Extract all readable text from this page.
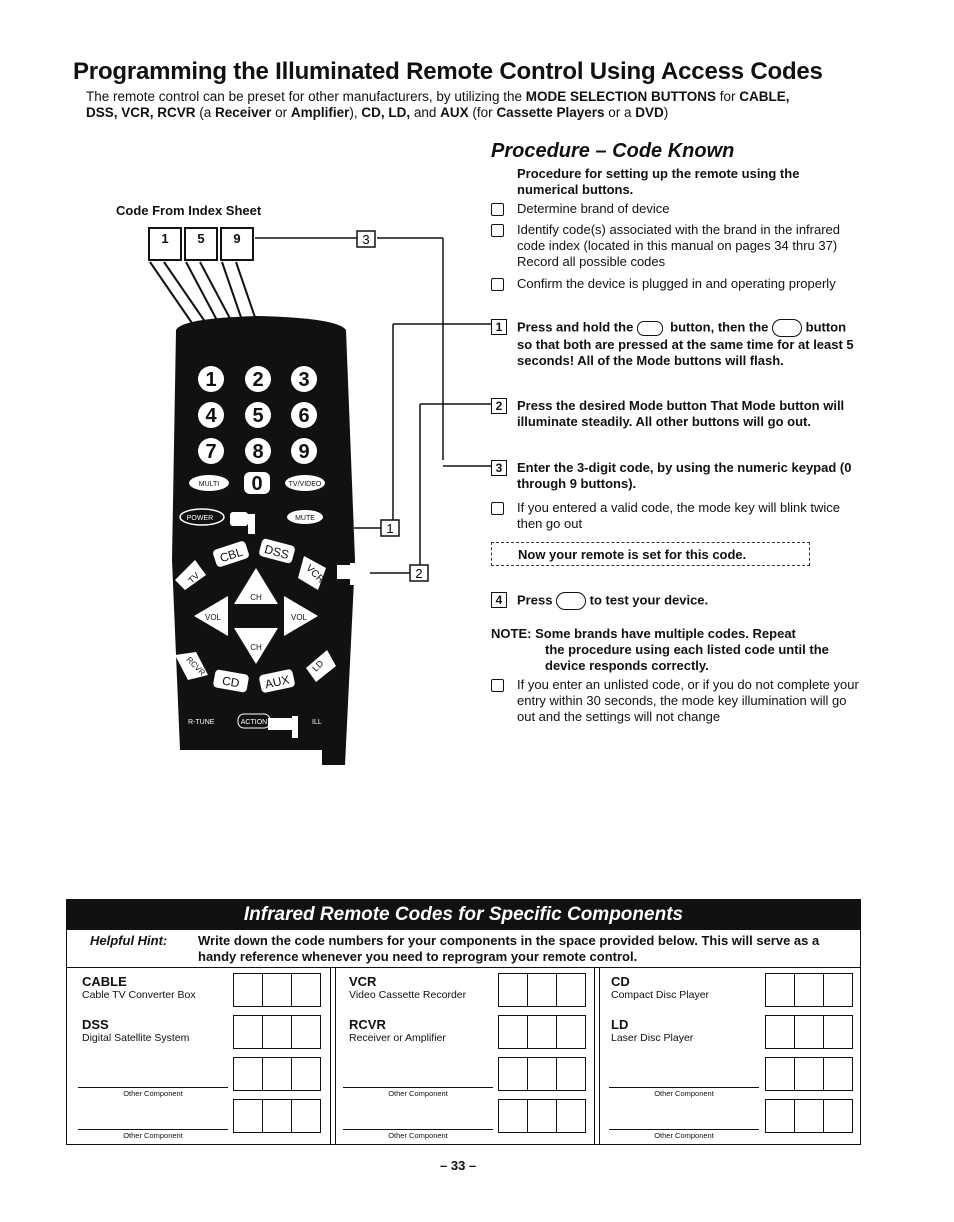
Programming the Illuminated Remote Control Using Access Codes
The remote control can be preset for other manufacturers, by utilizing the MODE SELECTION BUTTONS for CABLE,
DSS, VCR, RCVR (a Receiver or Amplifier), CD, LD, and AUX (for Cassette Players or a DVD)
Code From Index Sheet
1	5	9	3
1
2
1 2 3
4 5 6
7 8 9
0
MULTI	TV/VIDEO
POWER	MUTE
TV
CBL DSS
VCR
RCVR
CD AUX
LD
CH
CH
VOL	VOL
R-TUNE	ACTION	ILL
REW PLAY	FF
Procedure – Code Known
Procedure for setting up the remote using the numerical buttons.
Determine brand of device
Identify code(s) associated with the brand in the infrared code index (located in this manual on pages 34 thru 37) Record all possible codes
Confirm the device is plugged in and operating properly
1	Press and hold the	button, then the	button so that both are pressed at the same time for at least 5 seconds! All of the Mode buttons will flash.
2	Press the desired Mode button That Mode button will illuminate steadily. All other buttons will go out.
3	Enter the 3-digit code, by using the numeric keypad (0 through 9 buttons).
If you entered a valid code, the mode key will blink twice then go out
Now your remote is set for this code.
4	Press	to test your device.
NOTE: Some brands have multiple codes. Repeat
the procedure using each listed code until the device responds correctly.
If you enter an unlisted code, or if you do not complete your entry within 30 seconds, the mode key illumination will go out and the settings will not change
Infrared Remote Codes for Specific Components
Helpful Hint: Write down the code numbers for your components in the space provided below. This will serve as a handy reference whenever you need to reprogram your remote control.
CABLE
Cable TV Converter Box
DSS
Digital Satellite System
Other Component
Other Component
VCR
Video Cassette Recorder
RCVR
Receiver or Amplifier
Other Component
Other Component
CD
Compact Disc Player
LD
Laser Disc Player
Other Component
Other Component
– 33 –
